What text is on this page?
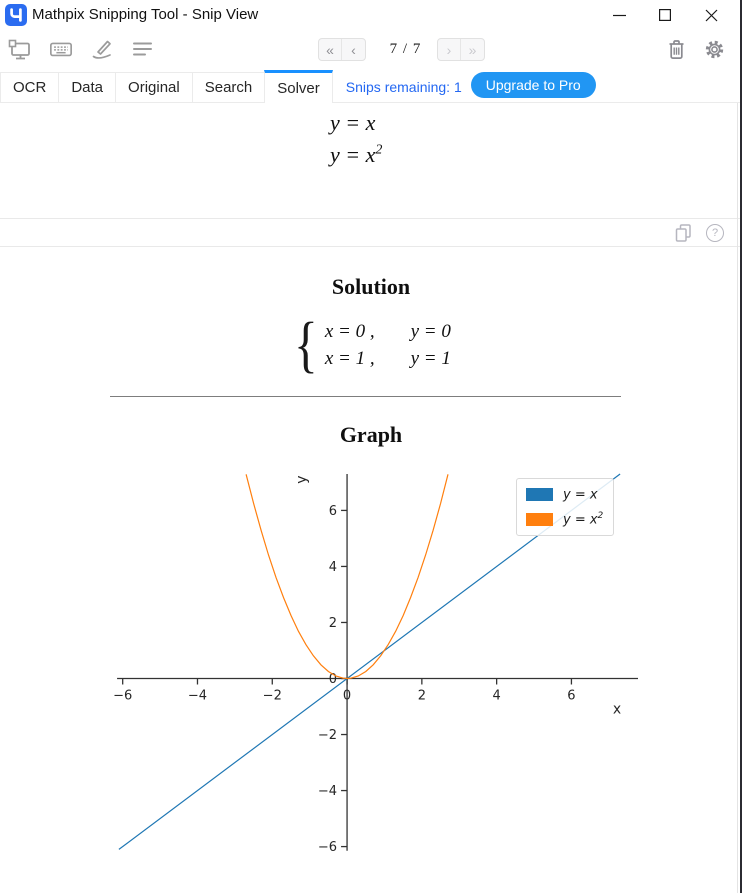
Mathpix Snipping Tool - Snip View
«	‹	7 / 7	›	»
OCR	Data	Original	Search	Solver	Snips remaining: 1	Upgrade to Pro
y = x
$y = x^2$
?
Solution
{ x = 0 , y = 0
x = 1 , y = 1
Graph
−6	−4	−2	0	2	4	6
−6
−4
−2
0
2
4
6
x
y
y = x
$y = x^2$
